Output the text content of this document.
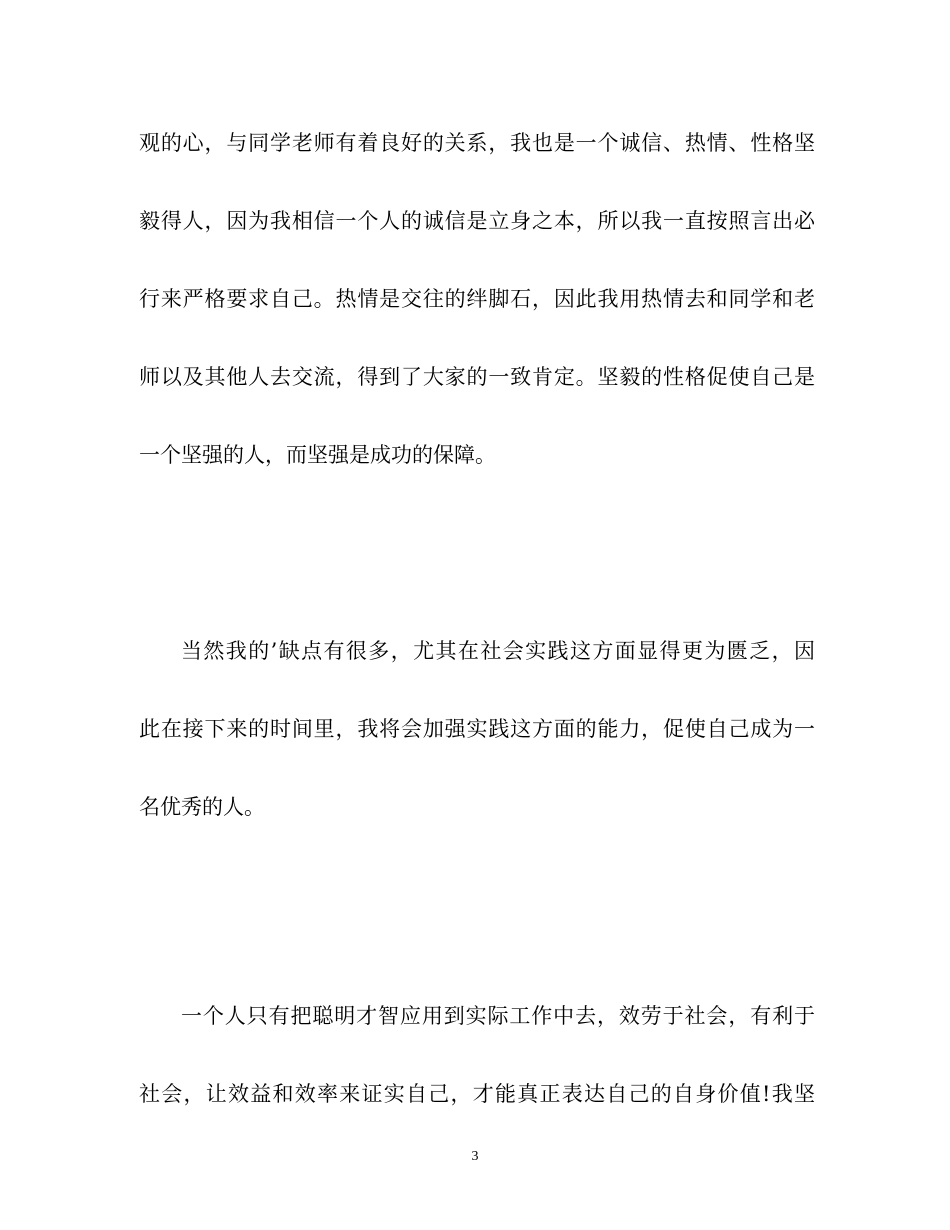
观的心，与同学老师有着良好的关系，我也是一个诚信、热情、性格坚
毅得人，因为我相信一个人的诚信是立身之本，所以我一直按照言出必
行来严格要求自己。热情是交往的绊脚石，因此我用热情去和同学和老
师以及其他人去交流，得到了大家的一致肯定。坚毅的性格促使自己是
一个坚强的人，而坚强是成功的保障。
当然我的’缺点有很多，尤其在社会实践这方面显得更为匮乏，因
此在接下来的时间里，我将会加强实践这方面的能力，促使自己成为一
名优秀的人。
一个人只有把聪明才智应用到实际工作中去，效劳于社会，有利于
社会，让效益和效率来证实自己，才能真正表达自己的自身价值!我坚
3
